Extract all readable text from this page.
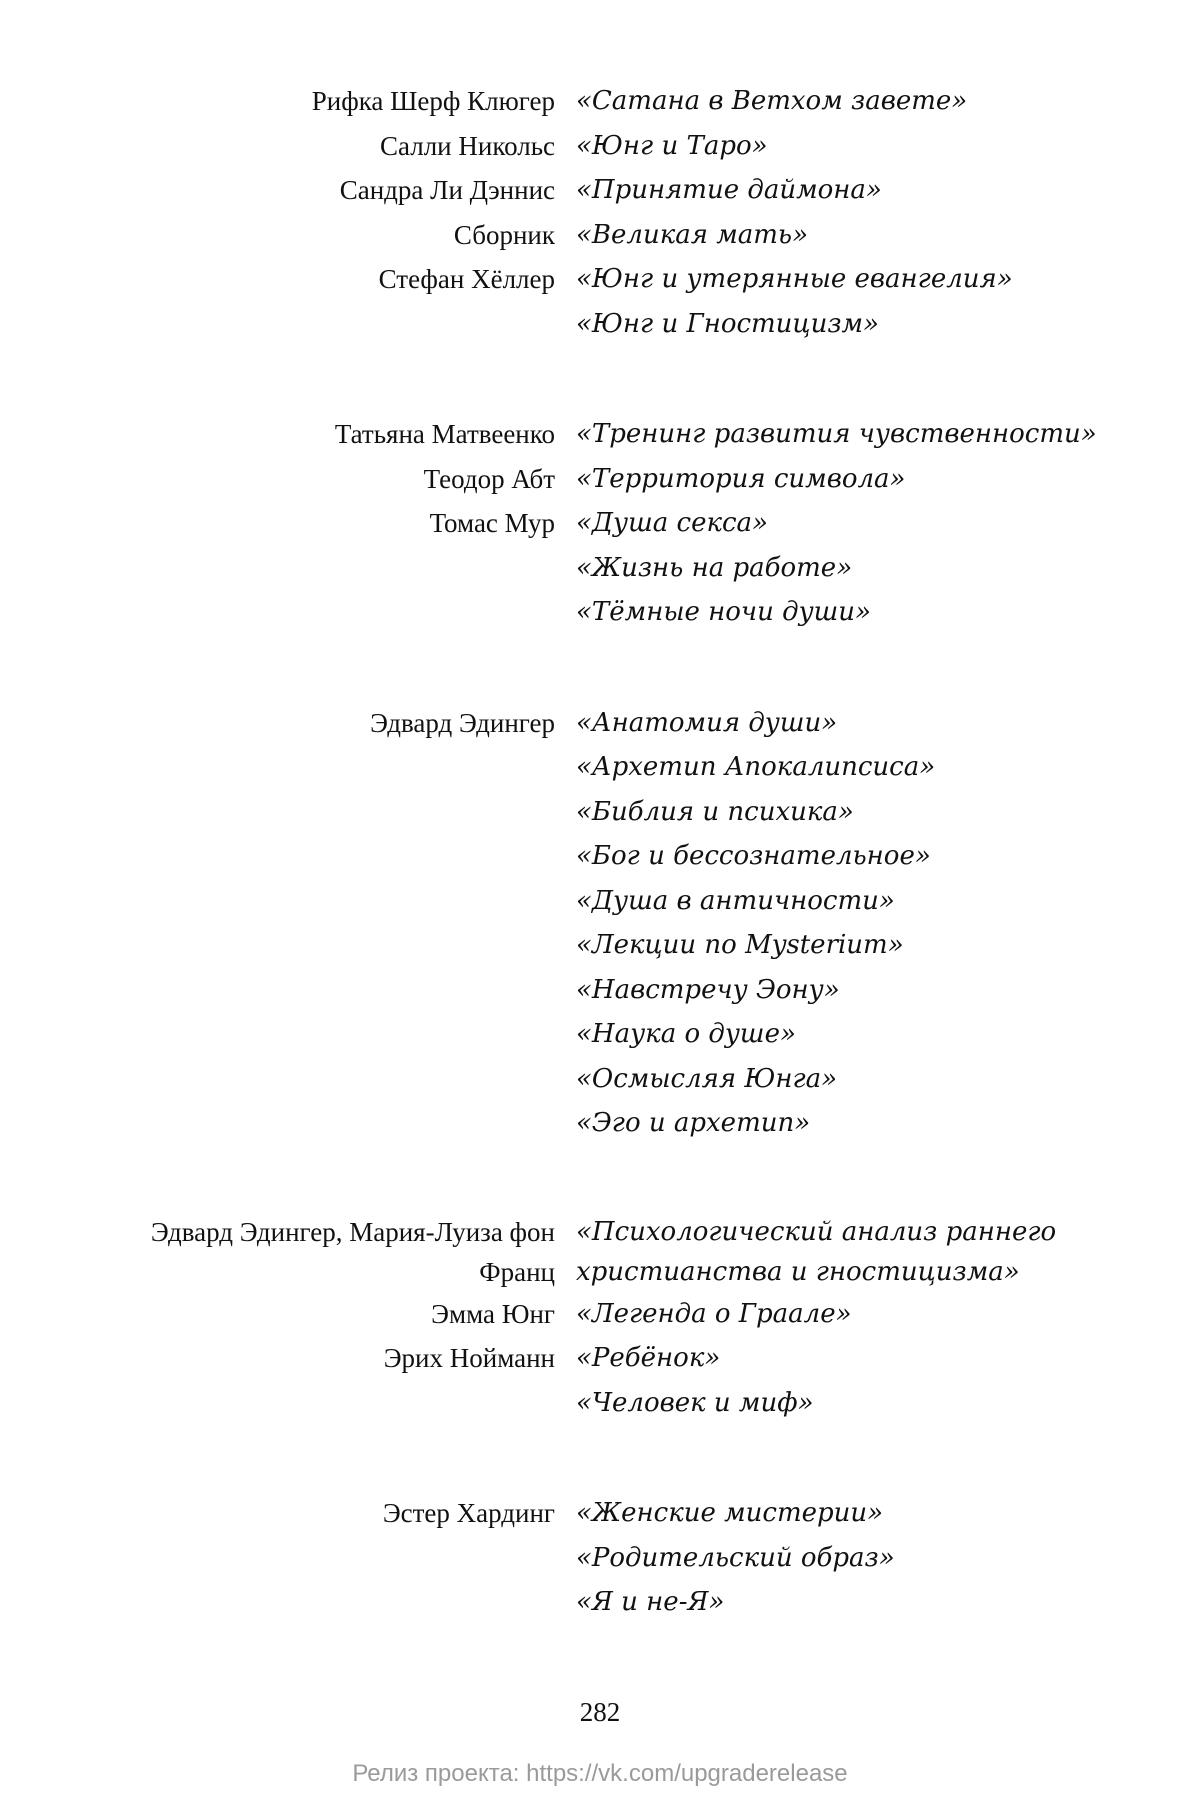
Рифка Шерф Клюгер «Сатана в Ветхом завете»
Салли Никольс «Юнг и Таро»
Сандра Ли Дэннис «Принятие даймона»
Сборник «Великая мать»
Стефан Хёллер «Юнг и утерянные евангелия»
«Юнг и Гностицизм»
Татьяна Матвеенко «Тренинг развития чувственности»
Теодор Абт «Территория символа»
Томас Мур «Душа секса»
«Жизнь на работе»
«Тёмные ночи души»
Эдвард Эдингер «Анатомия души»
«Архетип Апокалипсиса»
«Библия и психика»
«Бог и бессознательное»
«Душа в античности»
«Лекции по Mysterium»
«Навстречу Эону»
«Наука о душе»
«Осмысляя Юнга»
«Эго и архетип»
Эдвард Эдингер, Мария-Луиза фон Франц
«Психологический анализ раннего христианства и гностицизма»
Эмма Юнг «Легенда о Граале»
Эрих Нойманн «Ребёнок»
«Человек и миф»
Эстер Хардинг «Женские мистерии»
«Родительский образ»
«Я и не-Я»
282
Релиз проекта: https://vk.com/upgraderelease
